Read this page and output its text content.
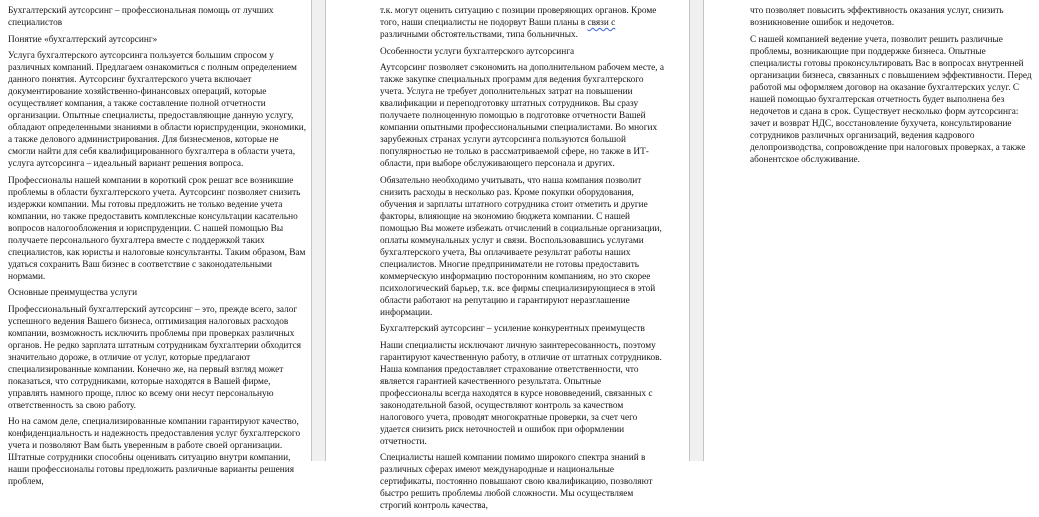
Бухгалтерский аутсорсинг – профессиональная помощь от лучших специалистов

Понятие «бухгалтерский аутсорсинг»

Услуга бухгалтерского аутсорсинга пользуется большим спросом у различных компаний. Предлагаем ознакомиться с полным определением данного понятия. Аутсорсинг бухгалтерского учета включает документирование хозяйственно-финансовых операций, которые осуществляет компания, а также составление полной отчетности организации. Опытные специалисты, предоставляющие данную услугу, обладают определенными знаниями в области юриспруденции, экономики, а также делового администрирования. Для бизнесменов, которые не смогли найти для себя квалифицированного бухгалтера в области учета, услуга аутсорсинга – идеальный вариант решения вопроса.

Профессионалы нашей компании в короткий срок решат все возникшие проблемы в области бухгалтерского учета. Аутсорсинг позволяет снизить издержки компании. Мы готовы предложить не только ведение учета компании, но также предоставить комплексные консультации касательно вопросов налогообложения и юриспруденции. С нашей помощью Вы получаете персонального бухгалтера вместе с поддержкой таких специалистов, как юристы и налоговые консультанты. Таким образом, Вам удаться сохранить Ваш бизнес в соответствие с законодательными нормами.

Основные преимущества услуги

Профессиональный бухгалтерский аутсорсинг – это, прежде всего, залог успешного ведения Вашего бизнеса, оптимизация налоговых расходов компании, возможность исключить проблемы при проверках различных органов. Не редко зарплата штатным сотрудникам бухгалтерии обходится значительно дороже, в отличие от услуг, которые предлагают специализированные компании. Конечно же, на первый взгляд может показаться, что сотрудниками, которые находятся в Вашей фирме, управлять намного проще, плюс ко всему они несут персональную ответственность за свою работу.

Но на самом деле, специализированные компании гарантируют качество, конфиденциальность и надежность предоставления услуг бухгалтерского учета и позволяют Вам быть уверенным в работе своей организации. Штатные сотрудники способны оценивать ситуацию внутри компании, наши профессионалы готовы предложить различные варианты решения проблем,

т.к. могут оценить ситуацию с позиции проверяющих органов. Кроме того, наши специалисты не подорвут Ваши планы в связи с различными обстоятельствами, типа больничных.

Особенности услуги бухгалтерского аутсорсинга

Аутсорсинг позволяет сэкономить на дополнительном рабочем месте, а также закупке специальных программ для ведения бухгалтерского учета. Услуга не требует дополнительных затрат на повышении квалификации и переподготовку штатных сотрудников. Вы сразу получаете полноценную помощью в подготовке отчетности Вашей компании опытными профессиональными специалистами. Во многих зарубежных странах услуги аутсорсинга пользуются большой популярностью не только в рассматриваемой сфере, но также в ИТ-области, при выборе обслуживающего персонала и других.

Обязательно необходимо учитывать, что наша компания позволит снизить расходы в несколько раз. Кроме покупки оборудования, обучения и зарплаты штатного сотрудника стоит отметить и другие факторы, влияющие на экономию бюджета компании. С нашей помощью Вы можете избежать отчислений в социальные организации, оплаты коммунальных услуг и связи. Воспользовавшись услугами бухгалтерского учета, Вы оплачиваете результат работы наших специалистов. Многие предприниматели не готовы предоставить коммерческую информацию посторонним компаниям, но это скорее психологический барьер, т.к. все фирмы специализирующиеся в этой области работают на репутацию и гарантируют неразглашение информации.

Бухгалтерский аутсорсинг – усиление конкурентных преимуществ

Наши специалисты исключают личную заинтересованность, поэтому гарантируют качественную работу, в отличие от штатных сотрудников. Наша компания предоставляет страхование ответственности, что является гарантией качественного результата. Опытные профессионалы всегда находятся в курсе нововведений, связанных с законодательной базой, осуществляют контроль за качеством налогового учета, проводят многократные проверки, за счет чего удается снизить риск неточностей и ошибок при оформлении отчетности.

Специалисты нашей компании помимо широкого спектра знаний в различных сферах имеют международные и национальные сертификаты, постоянно повышают свою квалификацию, позволяют быстро решить проблемы любой сложности. Мы осуществляем строгий контроль качества,

что позволяет повысить эффективность оказания услуг, снизить возникновение ошибок и недочетов.

С нашей компанией ведение учета, позволит решить различные проблемы, возникающие при поддержке бизнеса. Опытные специалисты готовы проконсультировать Вас в вопросах внутренней организации бизнеса, связанных с повышением эффективности. Перед работой мы оформляем договор на оказание бухгалтерских услуг. С нашей помощью бухгалтерская отчетность будет выполнена без недочетов и сдана в срок. Существует несколько форм аутсорсинга: зачет и возврат НДС, восстановление бухучета, консультирование сотрудников различных организаций, ведения кадрового делопроизводства, сопровождение при налоговых проверках, а также абонентское обслуживание.
